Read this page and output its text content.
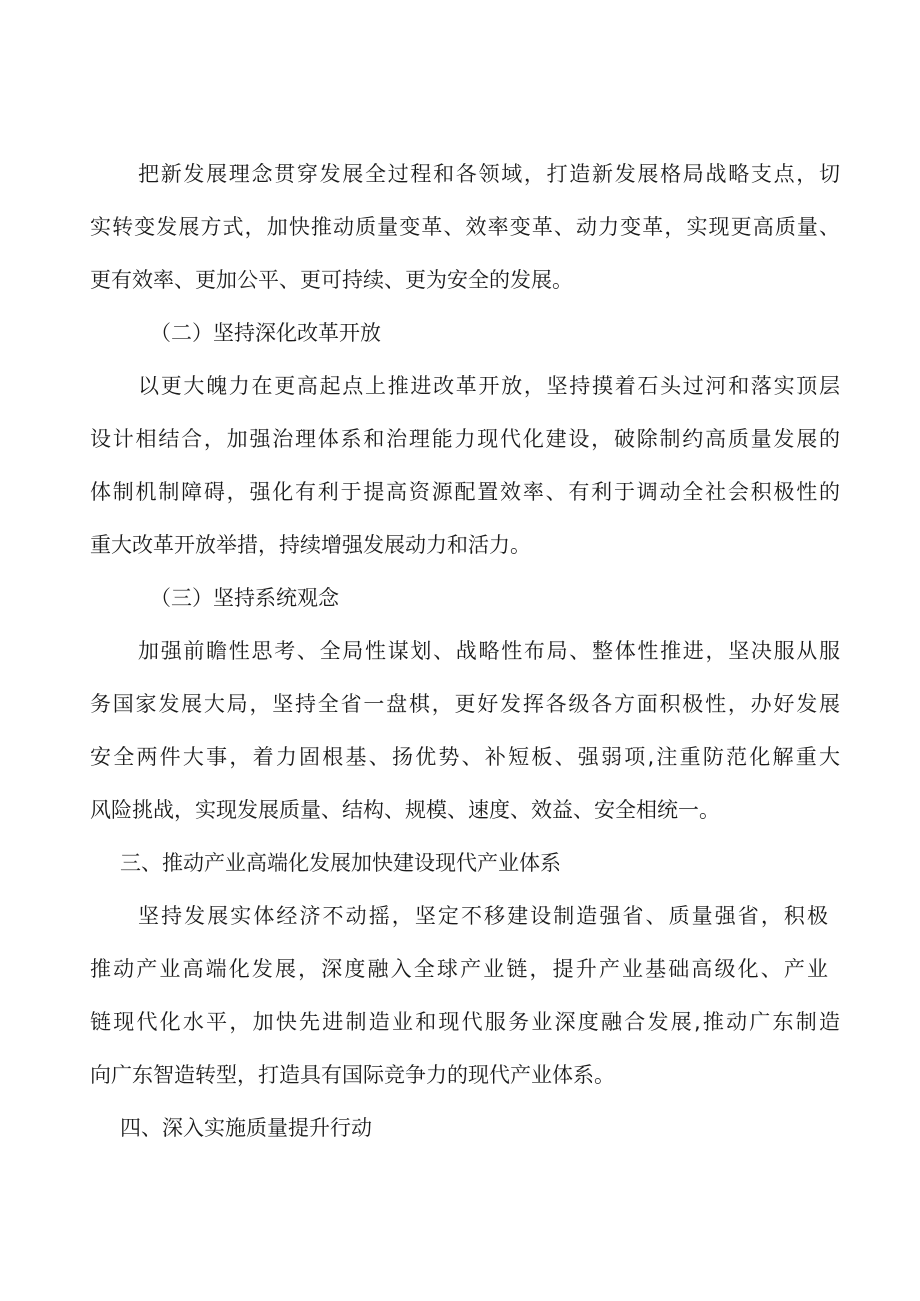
把新发展理念贯穿发展全过程和各领域，打造新发展格局战略支点，切
实转变发展方式，加快推动质量变革、效率变革、动力变革，实现更高质量、
更有效率、更加公平、更可持续、更为安全的发展。
（二）坚持深化改革开放
以更大魄力在更高起点上推进改革开放，坚持摸着石头过河和落实顶层
设计相结合，加强治理体系和治理能力现代化建设，破除制约高质量发展的
体制机制障碍，强化有利于提高资源配置效率、有利于调动全社会积极性的
重大改革开放举措，持续增强发展动力和活力。
（三）坚持系统观念
加强前瞻性思考、全局性谋划、战略性布局、整体性推进，坚决服从服
务国家发展大局，坚持全省一盘棋，更好发挥各级各方面积极性，办好发展
安全两件大事，着力固根基、扬优势、补短板、强弱项,注重防范化解重大
风险挑战，实现发展质量、结构、规模、速度、效益、安全相统一。
三、推动产业高端化发展加快建设现代产业体系
坚持发展实体经济不动摇，坚定不移建设制造强省、质量强省，积极
推动产业高端化发展，深度融入全球产业链，提升产业基础高级化、产业
链现代化水平，加快先进制造业和现代服务业深度融合发展,推动广东制造
向广东智造转型，打造具有国际竞争力的现代产业体系。
四、深入实施质量提升行动
